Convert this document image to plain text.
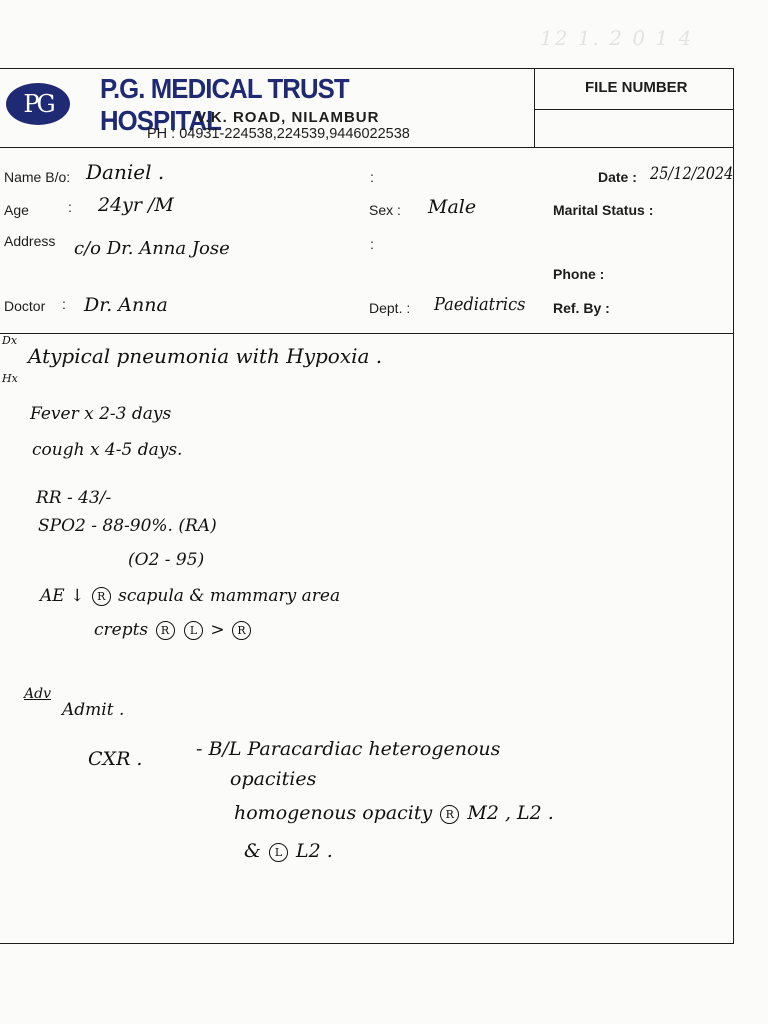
12 1. 2 0 1 4
PG P.G. MEDICAL TRUST HOSPITAL
V.K. ROAD, NILAMBUR
PH : 04931-224538,224539,9446022538
FILE NUMBER
Name B/o: Daniel .	:	Date : 25/12/2024
Age	: 24yr /M	Sex : Male	Marital Status :
Address c/o Dr. Anna Jose	:
Phone :
Doctor : Dr. Anna	Dept. : Paediatrics Ref. By :
Dx
Hx
Atypical pneumonia with Hypoxia .
Fever x 2-3 days
cough x 4-5 days.
RR - 43/-
SPO2 - 88-90%. (RA)
(O2 - 95)
AE ↓ R scapula & mammary area
crepts R L > R
Adv
Admit .
CXR .	- B/L Paracardiac heterogenous
opacities
homogenous opacity R M2 , L2 .
& L L2 .
